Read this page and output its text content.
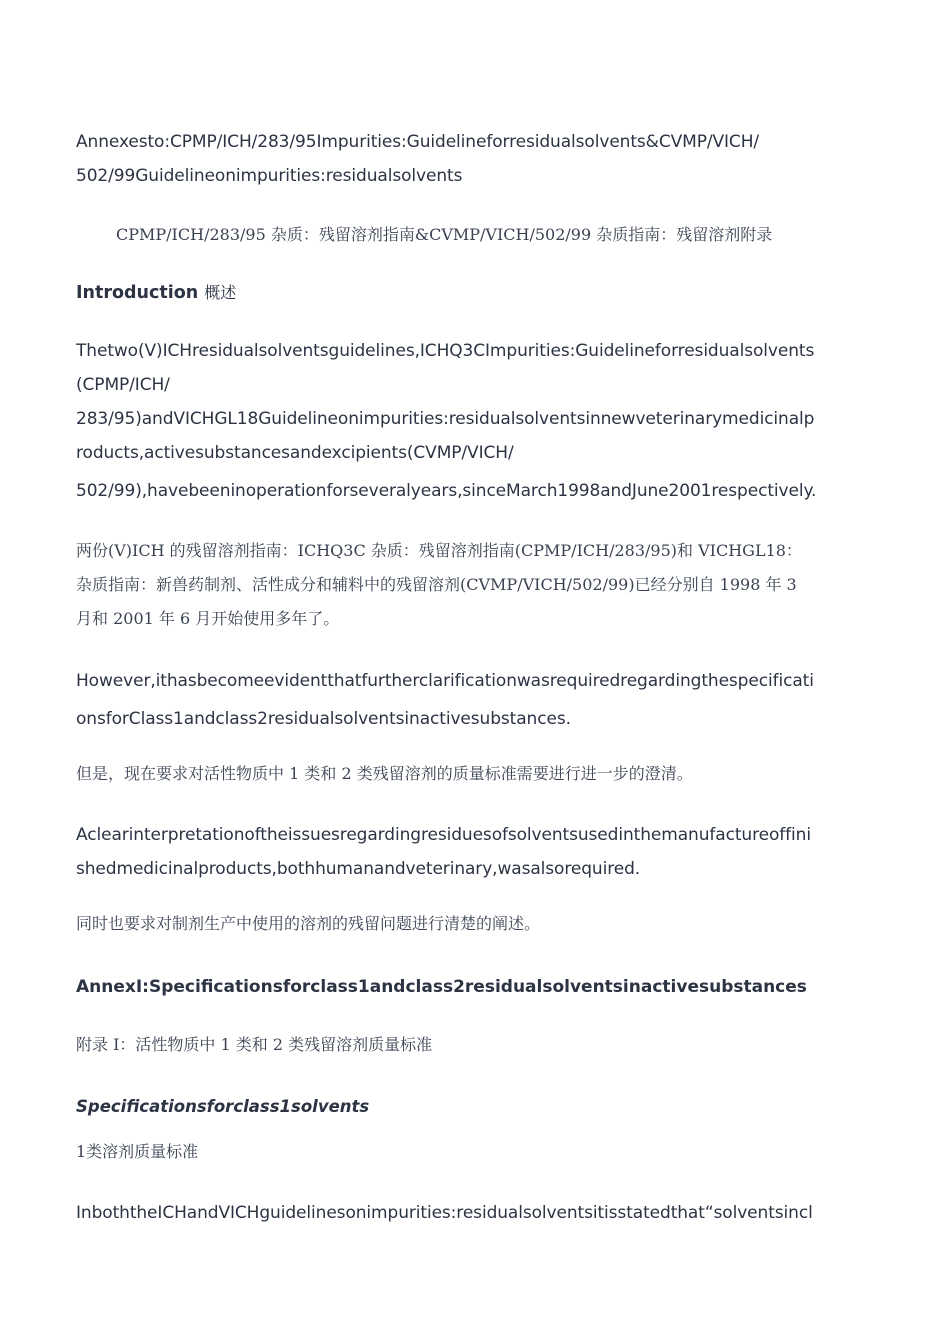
Annexesto:CPMP/ICH/283/95Impurities:Guidelineforresidualsolvents&CVMP/VICH/
502/99Guidelineonimpurities:residualsolvents

CPMP/ICH/283/95 杂质：残留溶剂指南&CVMP/VICH/502/99 杂质指南：残留溶剂附录

Introduction 概述

Thetwo(V)ICHresidualsolventsguidelines,ICHQ3CImpurities:Guidelineforresidualsolvents
(CPMP/ICH/
283/95)andVICHGL18Guidelineonimpurities:residualsolventsinnewveterinarymedicinalp
roducts,activesubstancesandexcipients(CVMP/VICH/
502/99),havebeeninoperationforseveralyears,sinceMarch1998andJune2001respectively.

两份(V)ICH 的残留溶剂指南：ICHQ3C 杂质：残留溶剂指南(CPMP/ICH/283/95)和 VICHGL18：
杂质指南：新兽药制剂、活性成分和辅料中的残留溶剂(CVMP/VICH/502/99)已经分别自 1998 年 3
月和 2001 年 6 月开始使用多年了。

However,ithasbecomeevidentthatfurtherclarificationwasrequiredregardingthespecificati
onsforClass1andclass2residualsolventsinactivesubstances.

但是，现在要求对活性物质中 1 类和 2 类残留溶剂的质量标准需要进行进一步的澄清。

Aclearinterpretationoftheissuesregardingresiduesofsolventsusedinthemanufactureoffini
shedmedicinalproducts,bothhumanandveterinary,wasalsorequired.

同时也要求对制剂生产中使用的溶剂的残留问题进行清楚的阐述。

AnnexI:Specificationsforclass1andclass2residualsolventsinactivesubstances

附录 I：活性物质中 1 类和 2 类残留溶剂质量标准

Specificationsforclass1solvents

1类溶剂质量标准

InboththeICHandVICHguidelinesonimpurities:residualsolventsitisstatedthat“solventsincl
